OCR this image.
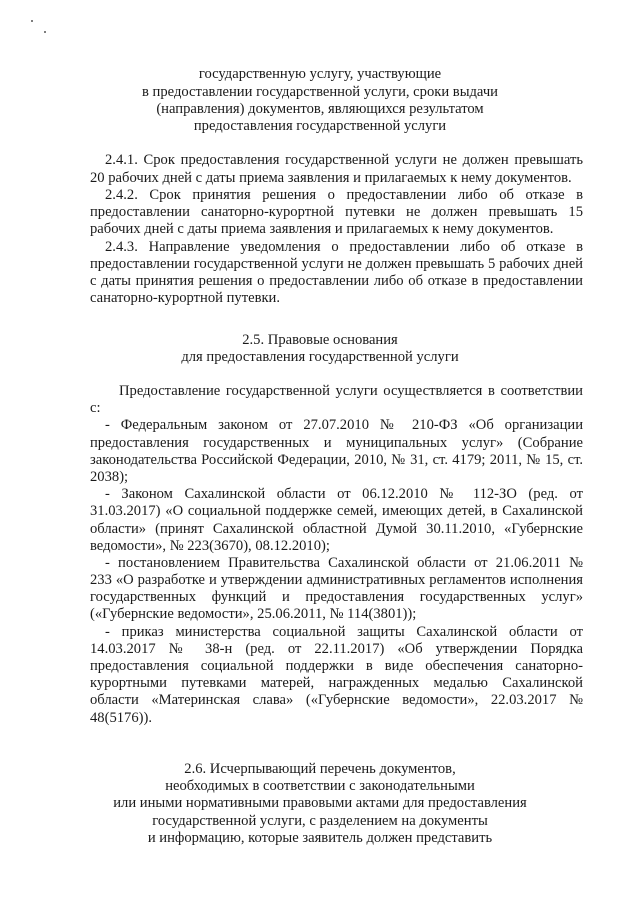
государственную услугу, участвующие
в предоставлении государственной услуги, сроки выдачи
(направления) документов, являющихся результатом
предоставления государственной услуги
2.4.1. Срок предоставления государственной услуги не должен превышать
20 рабочих дней с даты приема заявления и прилагаемых к нему документов.
2.4.2. Срок принятия решения о предоставлении либо об отказе в
предоставлении санаторно-курортной путевки не должен превышать 15
рабочих дней с даты приема заявления и прилагаемых к нему документов.
2.4.3. Направление уведомления о предоставлении либо об отказе в
предоставлении государственной услуги не должен превышать 5 рабочих дней
с даты принятия решения о предоставлении либо об отказе в предоставлении
санаторно-курортной путевки.
2.5. Правовые основания
для предоставления государственной услуги
Предоставление государственной услуги осуществляется в соответствии
с:
- Федеральным законом от 27.07.2010 № 210-ФЗ «Об организации
предоставления государственных и муниципальных услуг» (Собрание
законодательства Российской Федерации, 2010, № 31, ст. 4179; 2011, № 15, ст.
2038);
- Законом Сахалинской области от 06.12.2010 № 112-ЗО (ред. от
31.03.2017) «О социальной поддержке семей, имеющих детей, в Сахалинской
области» (принят Сахалинской областной Думой 30.11.2010, «Губернские
ведомости», № 223(3670), 08.12.2010);
- постановлением Правительства Сахалинской области от 21.06.2011 №
233 «О разработке и утверждении административных регламентов исполнения
государственных функций и предоставления государственных услуг»
(«Губернские ведомости», 25.06.2011, № 114(3801));
- приказ министерства социальной защиты Сахалинской области от
14.03.2017 № 38-н (ред. от 22.11.2017) «Об утверждении Порядка
предоставления социальной поддержки в виде обеспечения санаторно-
курортными путевками матерей, награжденных медалью Сахалинской
области «Материнская слава» («Губернские ведомости», 22.03.2017 №
48(5176)).
2.6. Исчерпывающий перечень документов,
необходимых в соответствии с законодательными
или иными нормативными правовыми актами для предоставления
государственной услуги, с разделением на документы
и информацию, которые заявитель должен представить
